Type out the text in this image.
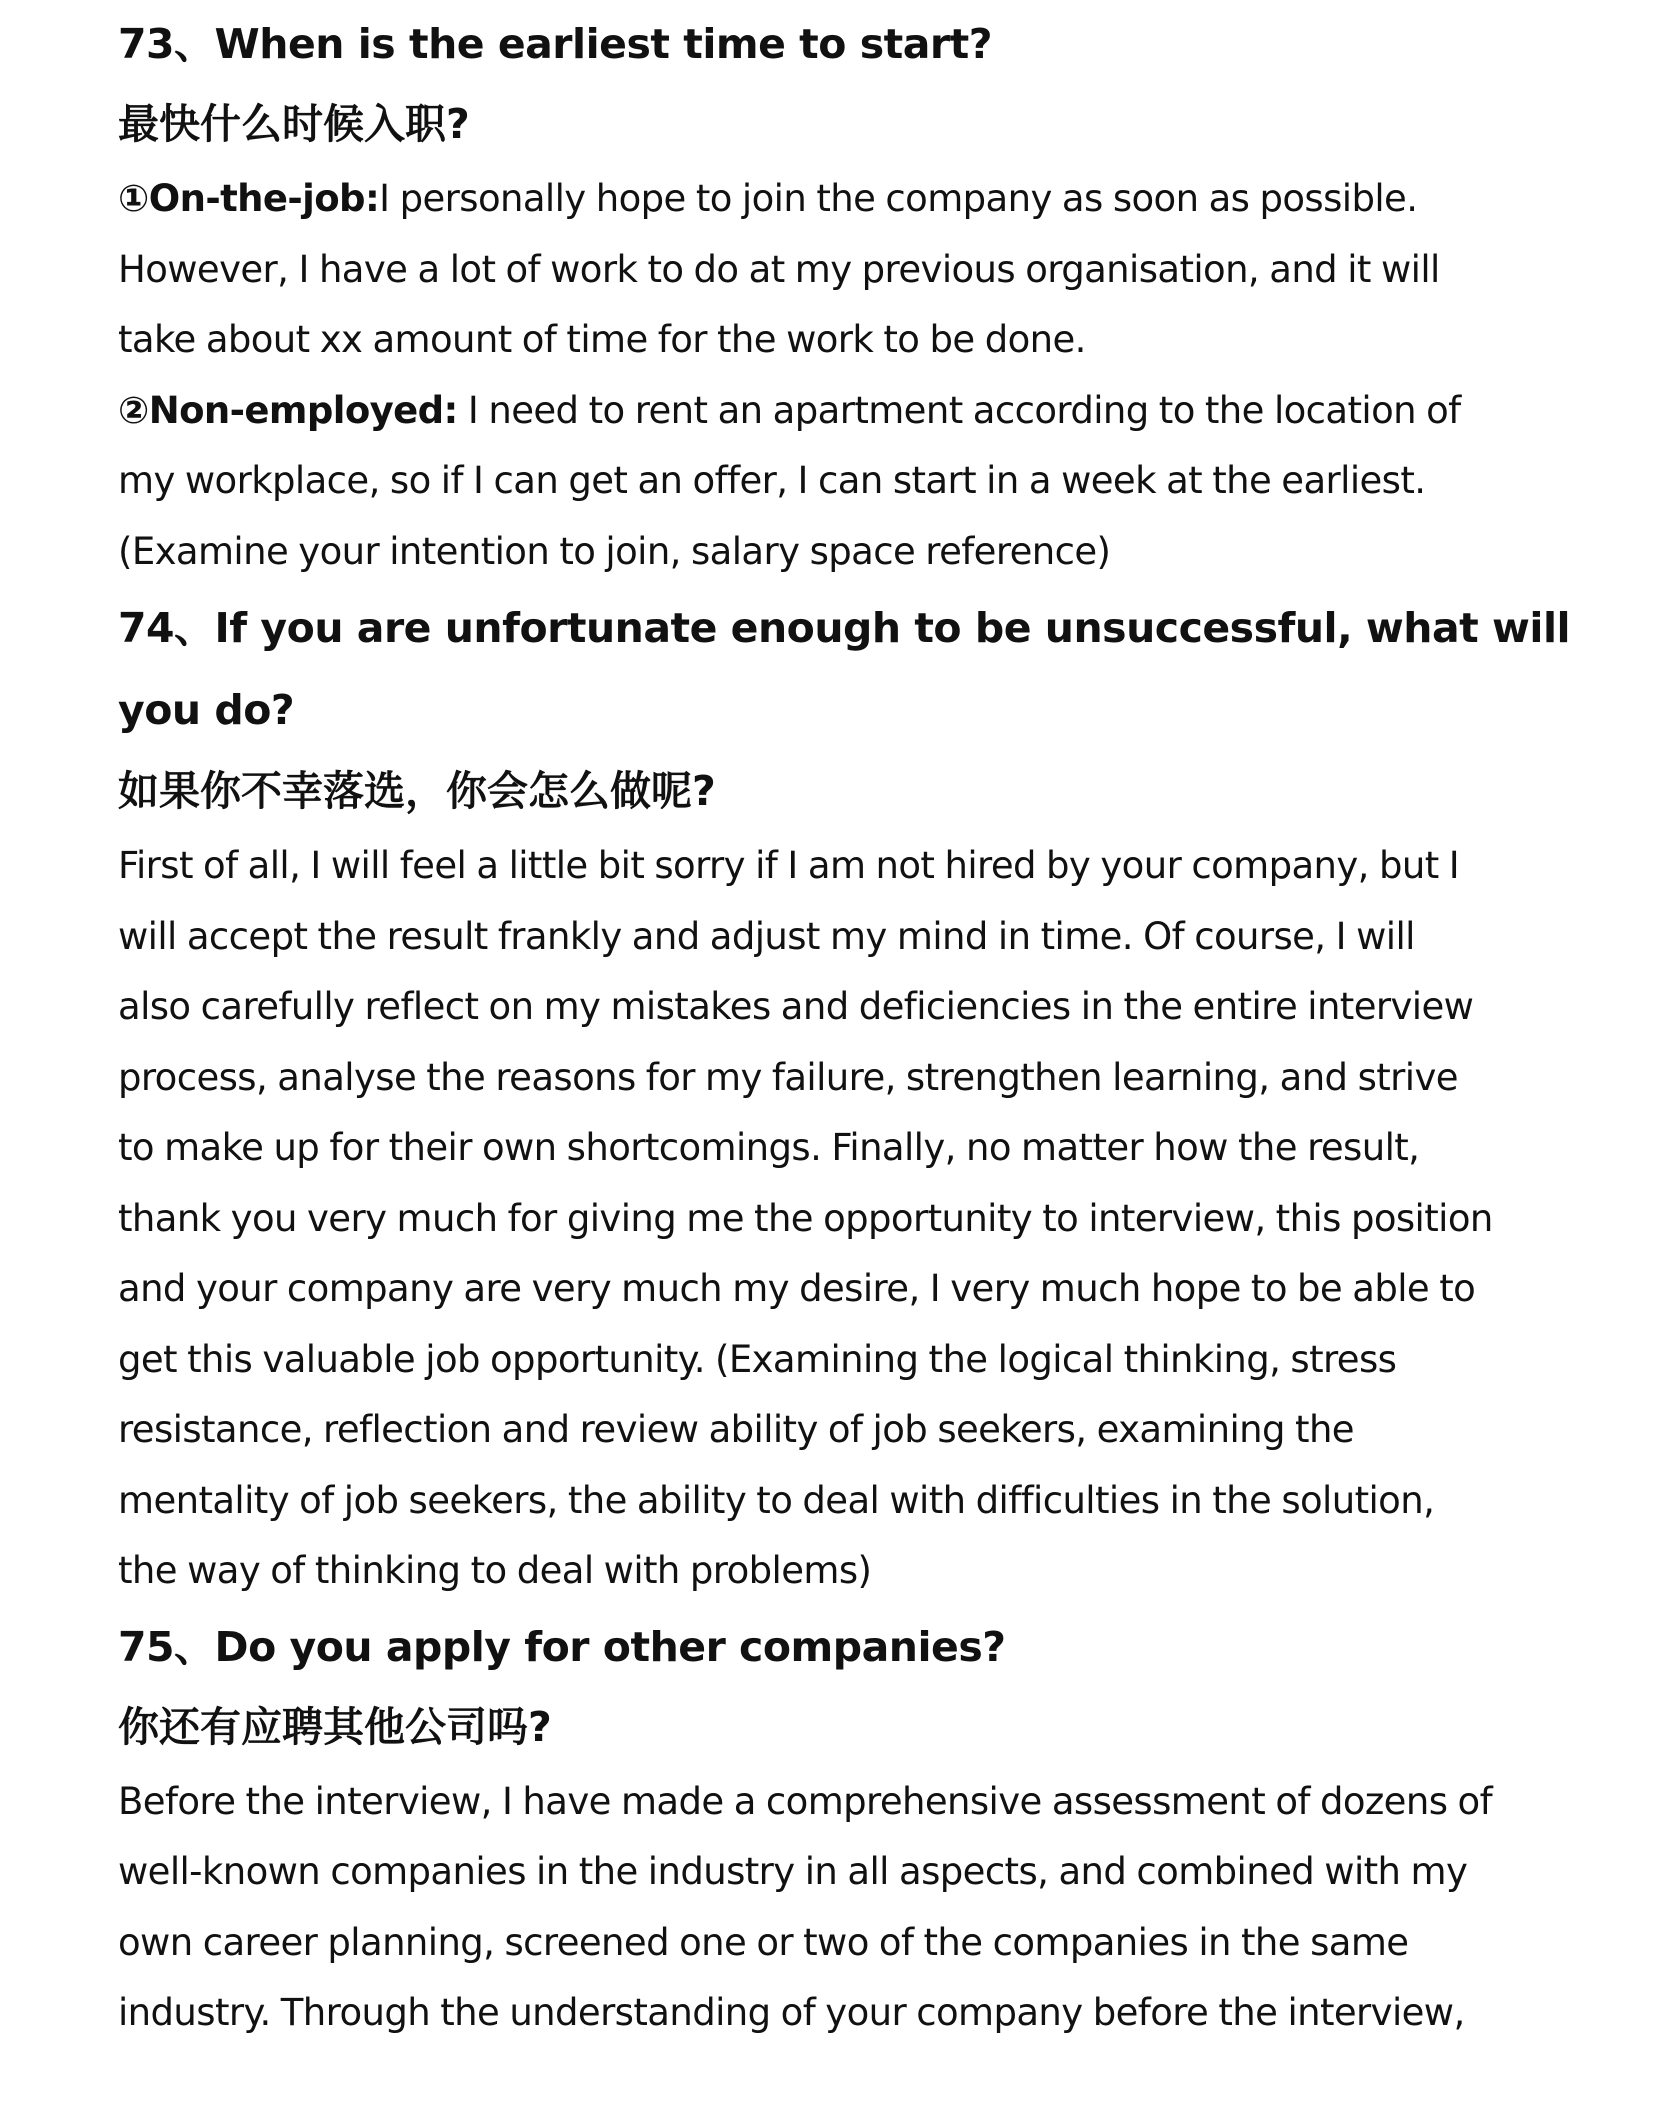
73、When is the earliest time to start?
最快什么时候入职?

①On-the-job:I personally hope to join the company as soon as possible.
However, I have a lot of work to do at my previous organisation, and it will
take about xx amount of time for the work to be done.

②Non-employed: I need to rent an apartment according to the location of
my workplace, so if I can get an offer, I can start in a week at the earliest.
(Examine your intention to join, salary space reference)

74、If you are unfortunate enough to be unsuccessful, what will
you do?
如果你不幸落选，你会怎么做呢?

First of all, I will feel a little bit sorry if I am not hired by your company, but I
will accept the result frankly and adjust my mind in time. Of course, I will
also carefully reflect on my mistakes and deficiencies in the entire interview
process, analyse the reasons for my failure, strengthen learning, and strive
to make up for their own shortcomings. Finally, no matter how the result,
thank you very much for giving me the opportunity to interview, this position
and your company are very much my desire, I very much hope to be able to
get this valuable job opportunity. (Examining the logical thinking, stress
resistance, reflection and review ability of job seekers, examining the
mentality of job seekers, the ability to deal with difficulties in the solution,
the way of thinking to deal with problems)

75、Do you apply for other companies?
你还有应聘其他公司吗?

Before the interview, I have made a comprehensive assessment of dozens of
well-known companies in the industry in all aspects, and combined with my
own career planning, screened one or two of the companies in the same
industry. Through the understanding of your company before the interview,
